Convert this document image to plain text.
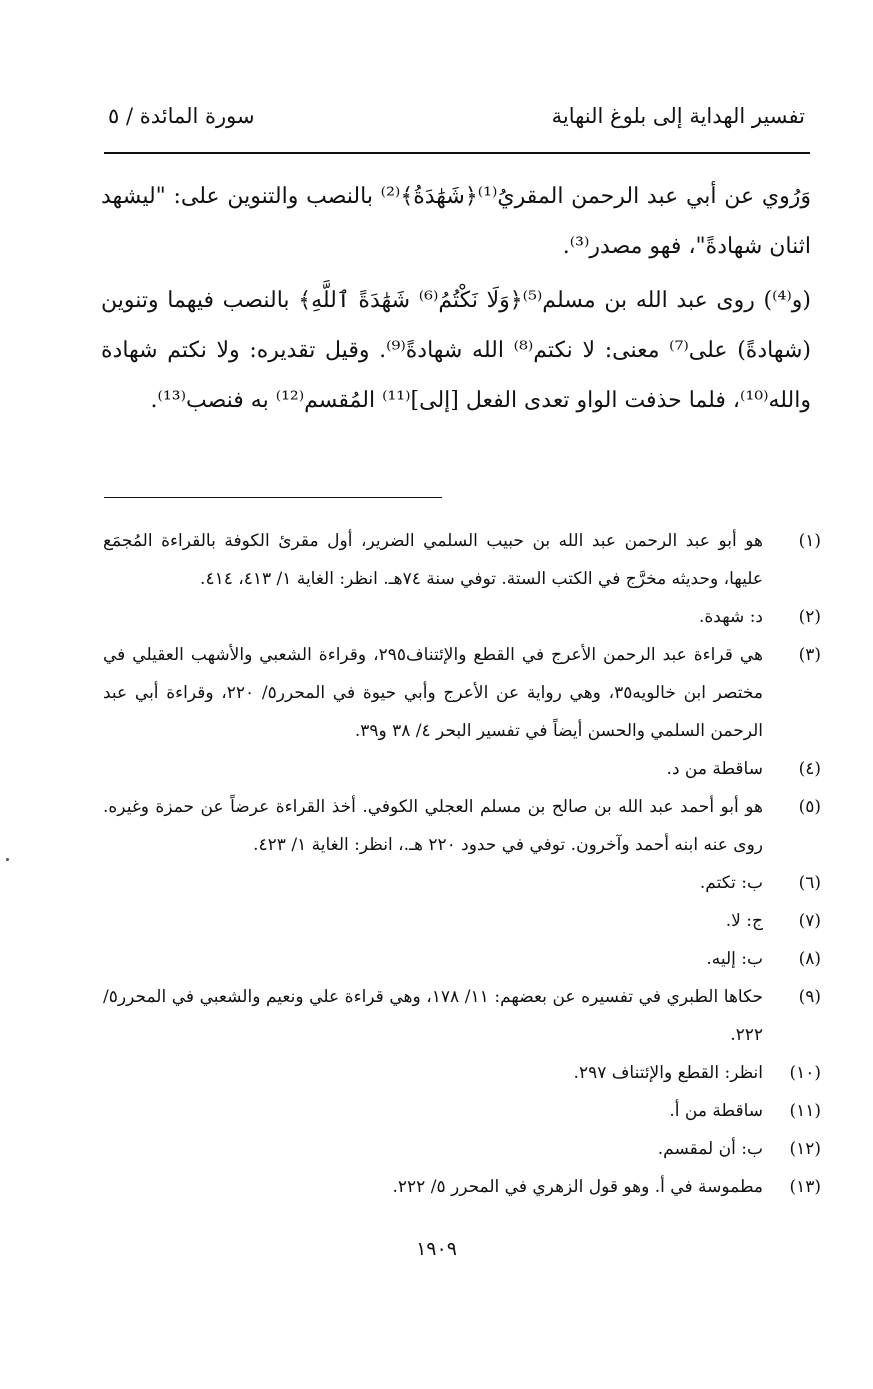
تفسير الهداية إلى بلوغ النهاية
سورة المائدة / ٥
وَرُوي عن أبي عبد الرحمن المقريُ⁽¹⁾﴿شَهَٰدَةُ﴾⁽²⁾ بالنصب والتنوين على: "ليشهد اثنان شهادةً"، فهو مصدر⁽³⁾.
(و⁽⁴⁾) روى عبد الله بن مسلم⁽⁵⁾﴿وَلَا نَكْتُمُ⁽⁶⁾ شَهَٰدَةً ٱللَّهِ﴾ بالنصب فيهما وتنوين (شهادةً) على⁽⁷⁾ معنى: لا نكتم⁽⁸⁾ الله شهادةً⁽⁹⁾. وقيل تقديره: ولا نكتم شهادة والله⁽¹⁰⁾، فلما حذفت الواو تعدى الفعل [إلى]⁽¹¹⁾ المُقسم⁽¹²⁾ به فنصب⁽¹³⁾.
(١)
هو أبو عبد الرحمن عبد الله بن حبيب السلمي الضرير، أول مقرئ الكوفة بالقراءة المُجمَع عليها، وحديثه مخرَّج في الكتب الستة. توفي سنة ٧٤هـ. انظر: الغاية ١/ ٤١٣، ٤١٤.
(٢)
د: شهدة.
(٣)
هي قراءة عبد الرحمن الأعرج في القطع والإئتناف٢٩٥، وقراءة الشعبي والأشهب العقيلي في مختصر ابن خالويه٣٥، وهي رواية عن الأعرج وأبي حيوة في المحرر٥/ ٢٢٠، وقراءة أبي عبد الرحمن السلمي والحسن أيضاً في تفسير البحر ٤/ ٣٨ و٣٩.
(٤)
ساقطة من د.
(٥)
هو أبو أحمد عبد الله بن صالح بن مسلم العجلي الكوفي. أخذ القراءة عرضاً عن حمزة وغيره. روى عنه ابنه أحمد وآخرون. توفي في حدود ٢٢٠ هـ.، انظر: الغاية ١/ ٤٢٣.
(٦)
ب: تكتم.
(٧)
ج: لا.
(٨)
ب: إليه.
(٩)
حكاها الطبري في تفسيره عن بعضهم: ١١/ ١٧٨، وهي قراءة علي ونعيم والشعبي في المحرر٥/ ٢٢٢.
(١٠)
انظر: القطع والإئتناف ٢٩٧.
(١١)
ساقطة من أ.
(١٢)
ب: أن لمقسم.
(١٣)
مطموسة في أ. وهو قول الزهري في المحرر ٥/ ٢٢٢.
١٩٠٩
